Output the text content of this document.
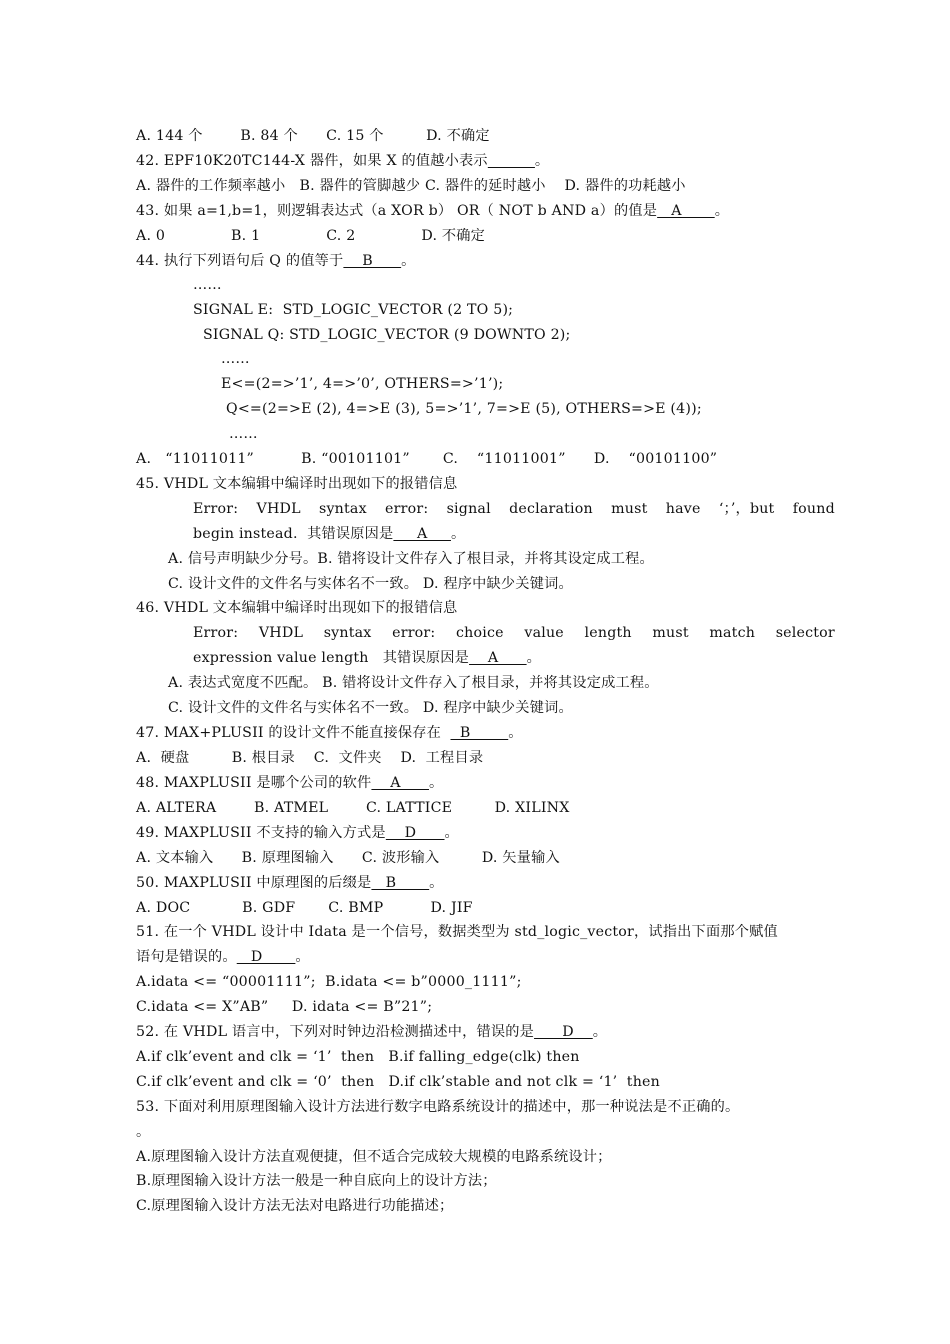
A. 144 个        B. 84 个      C. 15 个         D. 不确定
42. EPF10K20TC144-X 器件，如果 X 的值越小表示	。
A. 器件的工作频率越小   B. 器件的管脚越少 C. 器件的延时越小    D. 器件的功耗越小
43. 如果 a=1,b=1，则逻辑表达式（a XOR b） OR（ NOT b AND a）的值是   A       。
A. 0              B. 1              C. 2              D. 不确定
44. 执行下列语句后 Q 的值等于    B      。
……
SIGNAL E:  STD_LOGIC_VECTOR (2 TO 5);
SIGNAL Q: STD_LOGIC_VECTOR (9 DOWNTO 2);
……
E<=(2=>’1’, 4=>’0’, OTHERS=>’1’);
Q<=(2=>E (2), 4=>E (3), 5=>’1’, 7=>E (5), OTHERS=>E (4));
……
A.   “11011011”          B. “00101101”       C.    “11011001”      D.    “00101100”
45. VHDL 文本编辑中编译时出现如下的报错信息
Error: VHDL syntax error: signal declaration must have ‘；’，but found
begin instead.  其错误原因是     A     。
A. 信号声明缺少分号。B. 错将设计文件存入了根目录，并将其设定成工程。
C. 设计文件的文件名与实体名不一致。 D. 程序中缺少关键词。
46. VHDL 文本编辑中编译时出现如下的报错信息
Error: VHDL syntax error: choice value length must match selector
expression value length   其错误原因是    A      。
A. 表达式宽度不匹配。 B. 错将设计文件存入了根目录，并将其设定成工程。
C. 设计文件的文件名与实体名不一致。 D. 程序中缺少关键词。
47. MAX+PLUSII 的设计文件不能直接保存在    B        。
A.  硬盘         B. 根目录    C.  文件夹    D.  工程目录
48. MAXPLUSII 是哪个公司的软件    A      。
A. ALTERA        B. ATMEL        C. LATTICE         D. XILINX
49. MAXPLUSII 不支持的输入方式是    D      。
A. 文本输入      B. 原理图输入      C. 波形输入         D. 矢量输入
50. MAXPLUSII 中原理图的后缀是   B       。
A. DOC           B. GDF       C. BMP          D. JIF
51. 在一个 VHDL 设计中 Idata 是一个信号，数据类型为 std_logic_vector，试指出下面那个赋值
语句是错误的。   D       。
A.idata <= “00001111”;  B.idata <= b”0000_1111”;
C.idata <= X”AB”     D. idata <= B”21”;
52. 在 VHDL 语言中，下列对时钟边沿检测描述中，错误的是      D    。
A.if clk’event and clk = ‘1’  then   B.if falling_edge(clk) then
C.if clk’event and clk = ‘0’  then   D.if clk’stable and not clk = ‘1’  then
53. 下面对利用原理图输入设计方法进行数字电路系统设计的描述中，那一种说法是不正确的。
。
A.原理图输入设计方法直观便捷，但不适合完成较大规模的电路系统设计；
B.原理图输入设计方法一般是一种自底向上的设计方法；
C.原理图输入设计方法无法对电路进行功能描述；
